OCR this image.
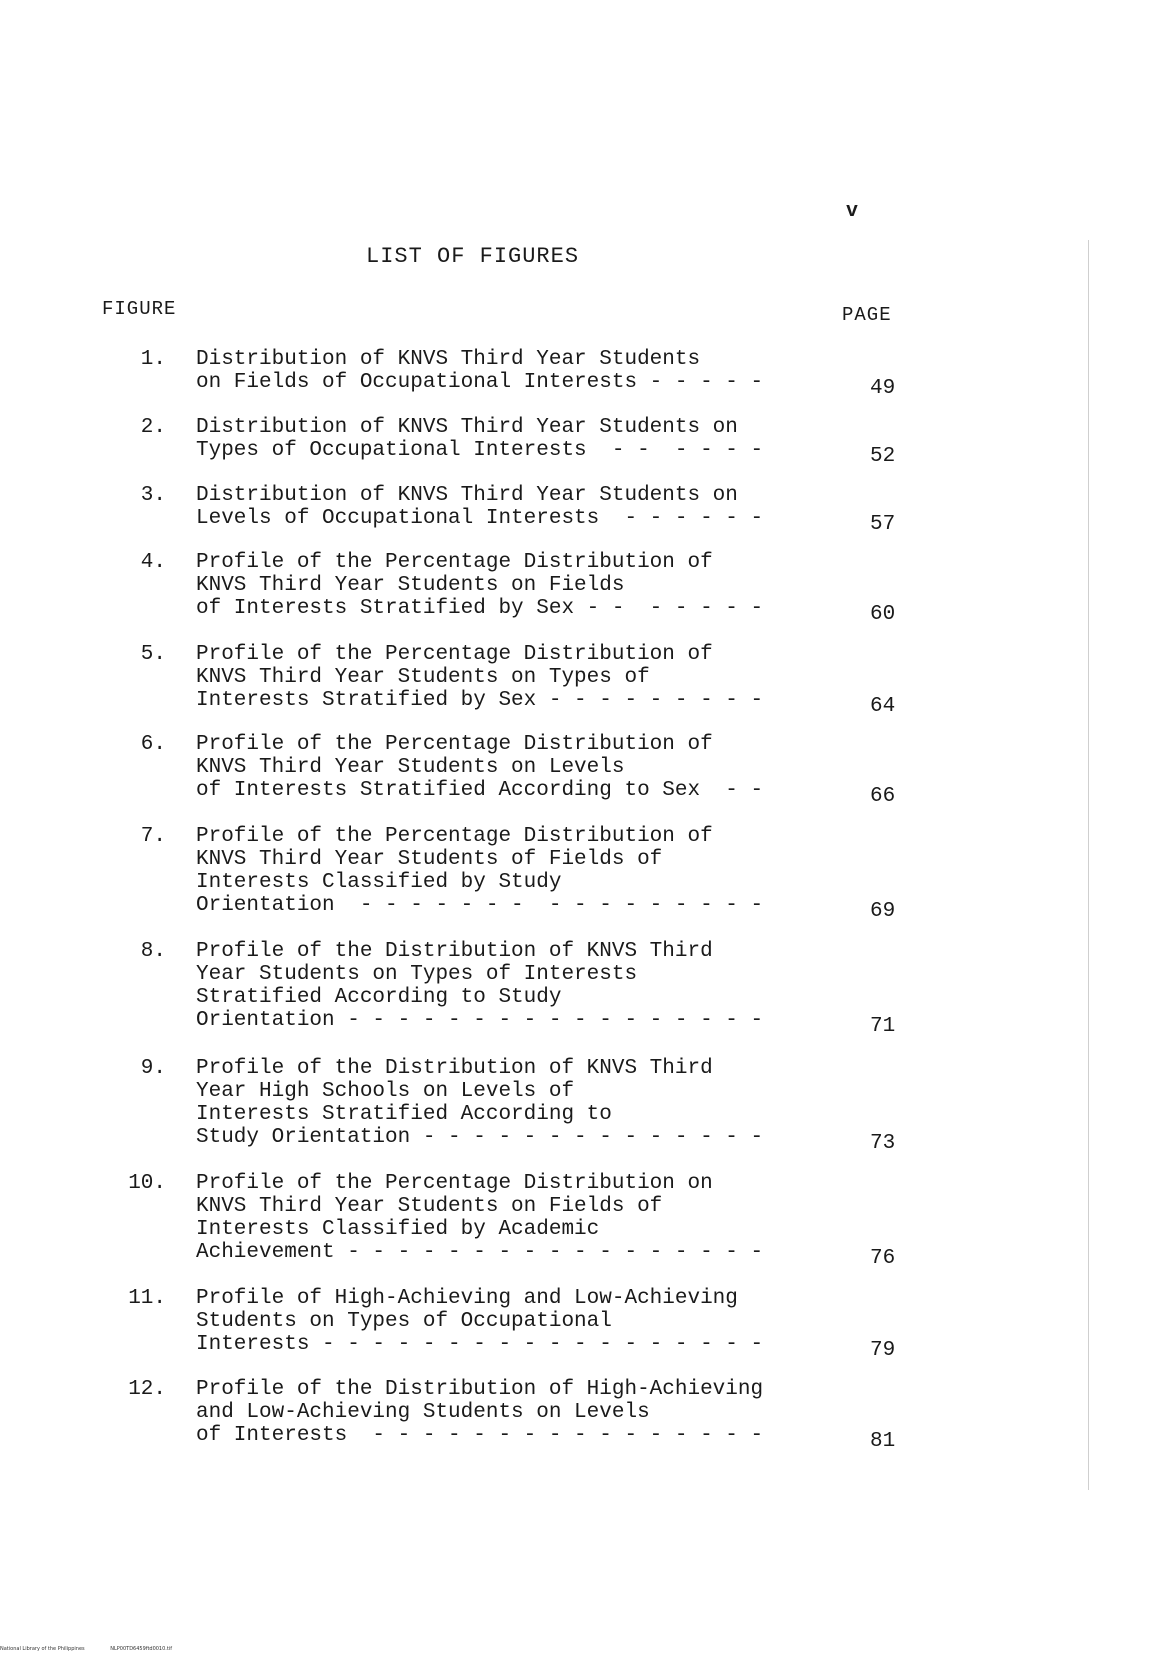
v
LIST OF FIGURES
FIGURE	PAGE
1. Distribution of KNVS Third Year Students
on Fields of Occupational Interests - - - - -	49
2. Distribution of KNVS Third Year Students on
Types of Occupational Interests  - -  - - - -	52
3. Distribution of KNVS Third Year Students on
Levels of Occupational Interests  - - - - - -	57
4. Profile of the Percentage Distribution of
KNVS Third Year Students on Fields
of Interests Stratified by Sex - -  - - - - -	60
5. Profile of the Percentage Distribution of
KNVS Third Year Students on Types of
Interests Stratified by Sex - - - - - - - - -	64
6. Profile of the Percentage Distribution of
KNVS Third Year Students on Levels
of Interests Stratified According to Sex  - -	66
7. Profile of the Percentage Distribution of
KNVS Third Year Students of Fields of
Interests Classified by Study
Orientation  - - - - - - -  - - - - - - - - -	69
8. Profile of the Distribution of KNVS Third
Year Students on Types of Interests
Stratified According to Study
Orientation - - - - - - - - - - - - - - - - -	71
9. Profile of the Distribution of KNVS Third
Year High Schools on Levels of
Interests Stratified According to
Study Orientation - - - - - - - - - - - - - -	73
10. Profile of the Percentage Distribution on
KNVS Third Year Students on Fields of
Interests Classified by Academic
Achievement - - - - - - - - - - - - - - - - -	76
11. Profile of High-Achieving and Low-Achieving
Students on Types of Occupational
Interests - - - - - - - - - - - - - - - - - -	79
12. Profile of the Distribution of High-Achieving
and Low-Achieving Students on Levels
of Interests  - - - - - - - - - - - - - - - -	81
National Library of the Philippines	NLP00TD6459ftd0010.tif
